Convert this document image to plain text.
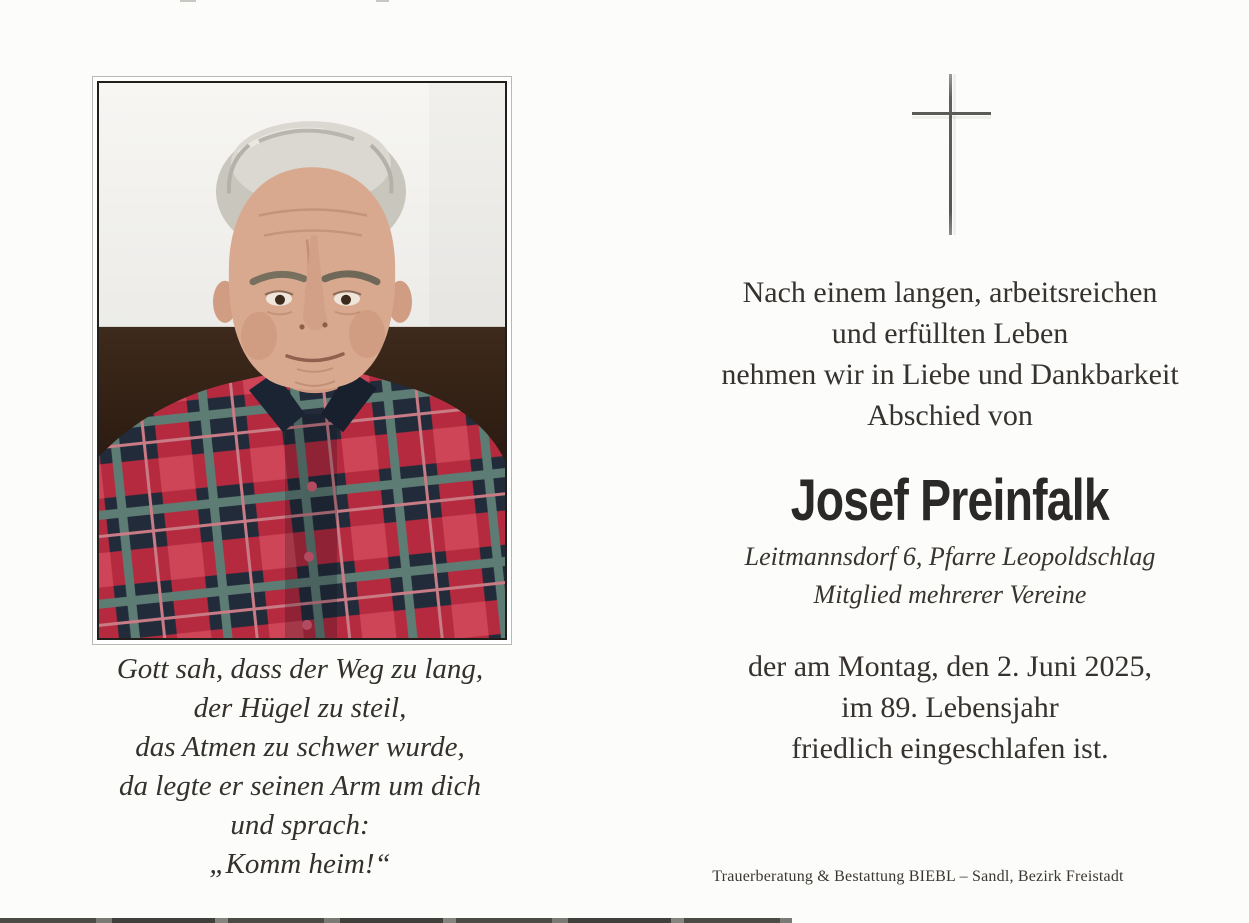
Nach einem langen, arbeitsreichen
und erfüllten Leben
nehmen wir in Liebe und Dankbarkeit
Abschied von
Josef Preinfalk
Leitmannsdorf 6, Pfarre Leopoldschlag
Mitglied mehrerer Vereine
der am Montag, den 2. Juni 2025,
im 89. Lebensjahr
friedlich eingeschlafen ist.
Gott sah, dass der Weg zu lang,
der Hügel zu steil,
das Atmen zu schwer wurde,
da legte er seinen Arm um dich
und sprach:
„Komm heim!“	Trauerberatung & Bestattung BIEBL – Sandl, Bezirk Freistadt
